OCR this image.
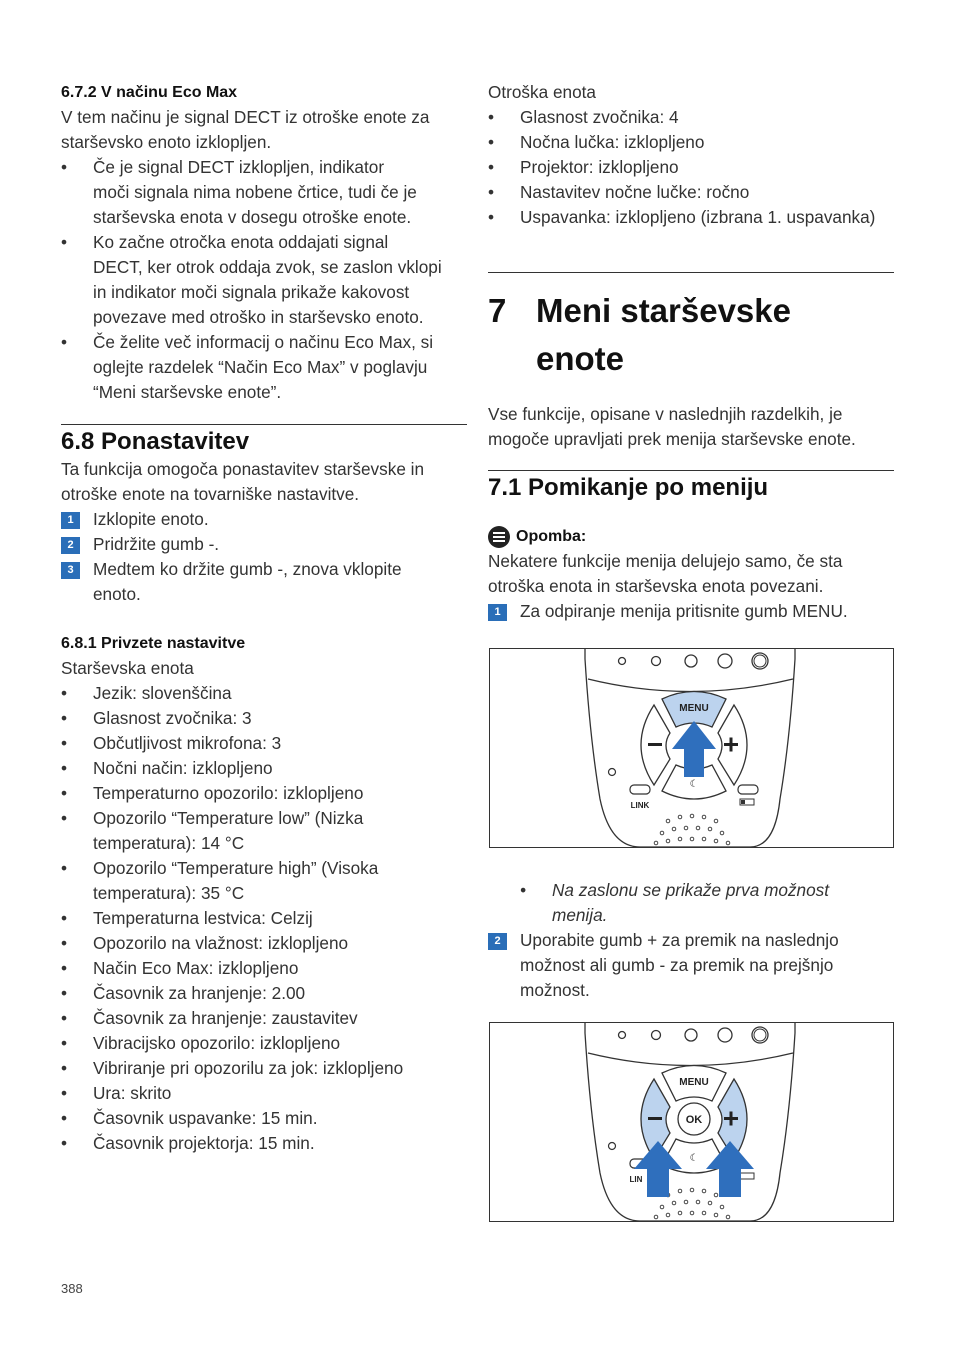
6.7.2 V načinu Eco Max

V tem načinu je signal DECT iz otroške enote za
starševsko enoto izklopljen.

• Če je signal DECT izklopljen, indikator
moči signala nima nobene črtice, tudi če je
starševska enota v dosegu otroške enote.
• Ko začne otročka enota oddajati signal
DECT, ker otrok oddaja zvok, se zaslon vklopi
in indikator moči signala prikaže kakovost
povezave med otroško in starševsko enoto.
• Če želite več informacij o načinu Eco Max, si
oglejte razdelek “Način Eco Max” v poglavju
“Meni starševske enote”.
6.8 Ponastavitev

Ta funkcija omogoča ponastavitev starševske in
otroške enote na tovarniške nastavitve.

1	Izklopite enoto.
2	Pridržite gumb -.
3	Medtem ko držite gumb -, znova vklopite
enoto.
6.8.1 Privzete nastavitve

Starševska enota

• Jezik: slovenščina
• Glasnost zvočnika: 3
• Občutljivost mikrofona: 3
• Nočni način: izklopljeno
• Temperaturno opozorilo: izklopljeno
• Opozorilo “Temperature low” (Nizka
temperatura): 14 °C
• Opozorilo “Temperature high” (Visoka
temperatura): 35 °C
• Temperaturna lestvica: Celzij
• Opozorilo na vlažnost: izklopljeno
• Način Eco Max: izklopljeno
• Časovnik za hranjenje: 2.00
• Časovnik za hranjenje: zaustavitev
• Vibracijsko opozorilo: izklopljeno
• Vibriranje pri opozorilu za jok: izklopljeno
• Ura: skrito
• Časovnik uspavanke: 15 min.
• Časovnik projektorja: 15 min.

Otroška enota

• Glasnost zvočnika: 4
• Nočna lučka: izklopljeno
• Projektor: izklopljeno
• Nastavitev nočne lučke: ročno
• Uspavanka: izklopljeno (izbrana 1. uspavanka)
7 Meni starševske
enote

Vse funkcije, opisane v naslednjih razdelkih, je
mogoče upravljati prek menija starševske enote.

7.1 Pomikanje po meniju
Opomba:

Nekatere funkcije menija delujejo samo, če sta
otroška enota in starševska enota povezani.

1	Za odpiranje menija pritisnite gumb MENU.
MENU
☾
LINK
• Na zaslonu se prikaže prva možnost
menija.
2	Uporabite gumb + za premik na naslednjo
možnost ali gumb - za premik na prejšnjo
možnost.
OK
MENU
☾
LIN
388
